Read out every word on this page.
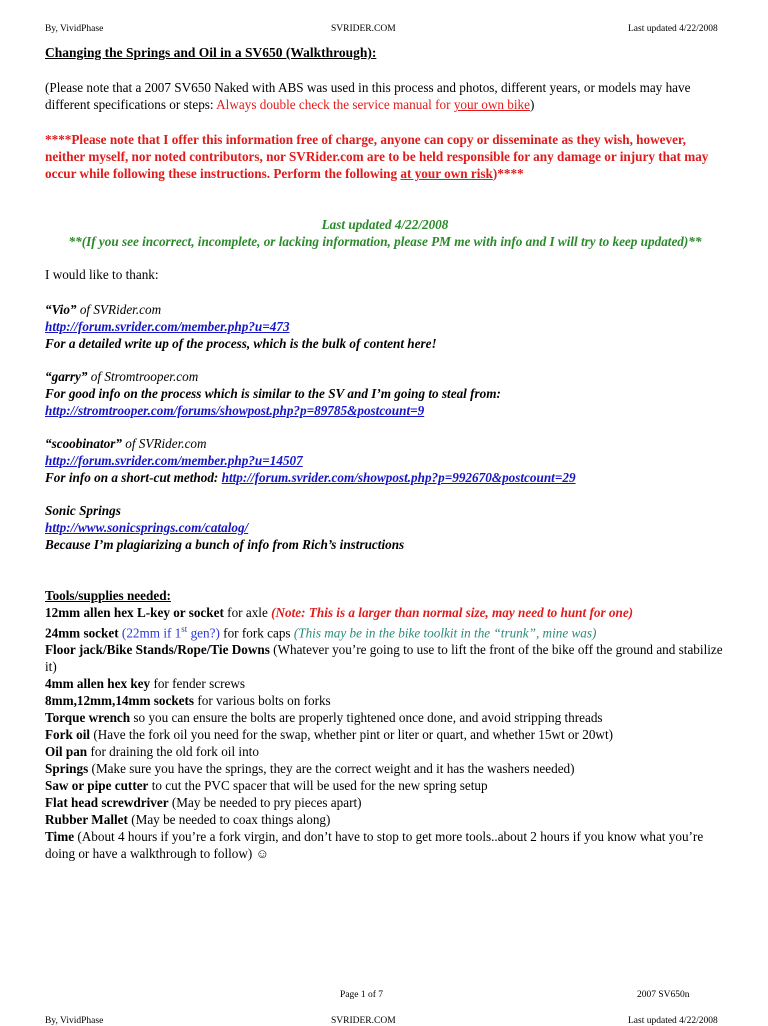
By, VividPhase	SVRIDER.COM	Last updated 4/22/2008

Changing the Springs and Oil in a SV650 (Walkthrough):

(Please note that a 2007 SV650 Naked with ABS was used in this process and photos, different years, or models may have different specifications or steps: Always double check the service manual for your own bike)

****Please note that I offer this information free of charge, anyone can copy or disseminate as they wish, however, neither myself, nor noted contributors, nor SVRider.com are to be held responsible for any damage or injury that may occur while following these instructions. Perform the following at your own risk)****

Last updated 4/22/2008

**(If you see incorrect, incomplete, or lacking information, please PM me with info and I will try to keep updated)**

I would like to thank:

“Vio” of SVRider.com

http://forum.svrider.com/member.php?u=473

For a detailed write up of the process, which is the bulk of content here!

“garry” of Stromtrooper.com

For good info on the process which is similar to the SV and I’m going to steal from:

http://stromtrooper.com/forums/showpost.php?p=89785&postcount=9

“scoobinator” of SVRider.com

http://forum.svrider.com/member.php?u=14507

For info on a short-cut method: http://forum.svrider.com/showpost.php?p=992670&postcount=29

Sonic Springs

http://www.sonicsprings.com/catalog/

Because I’m plagiarizing a bunch of info from Rich’s instructions

Tools/supplies needed:

12mm allen hex L-key or socket for axle (Note: This is a larger than normal size, may need to hunt for one)

24mm socket (22mm if 1st gen?) for fork caps (This may be in the bike toolkit in the “trunk”, mine was)

Floor jack/Bike Stands/Rope/Tie Downs (Whatever you’re going to use to lift the front of the bike off the ground and stabilize it)

4mm allen hex key for fender screws

8mm,12mm,14mm sockets for various bolts on forks

Torque wrench so you can ensure the bolts are properly tightened once done, and avoid stripping threads

Fork oil (Have the fork oil you need for the swap, whether pint or liter or quart, and whether 15wt or 20wt)

Oil pan for draining the old fork oil into

Springs (Make sure you have the springs, they are the correct weight and it has the washers needed)

Saw or pipe cutter to cut the PVC spacer that will be used for the new spring setup

Flat head screwdriver (May be needed to pry pieces apart)

Rubber Mallet (May be needed to coax things along)

Time (About 4 hours if you’re a fork virgin, and don’t have to stop to get more tools..about 2 hours if you know what you’re doing or have a walkthrough to follow) ☺

Page 1 of 7	2007 SV650n
By, VividPhase	SVRIDER.COM	Last updated 4/22/2008
